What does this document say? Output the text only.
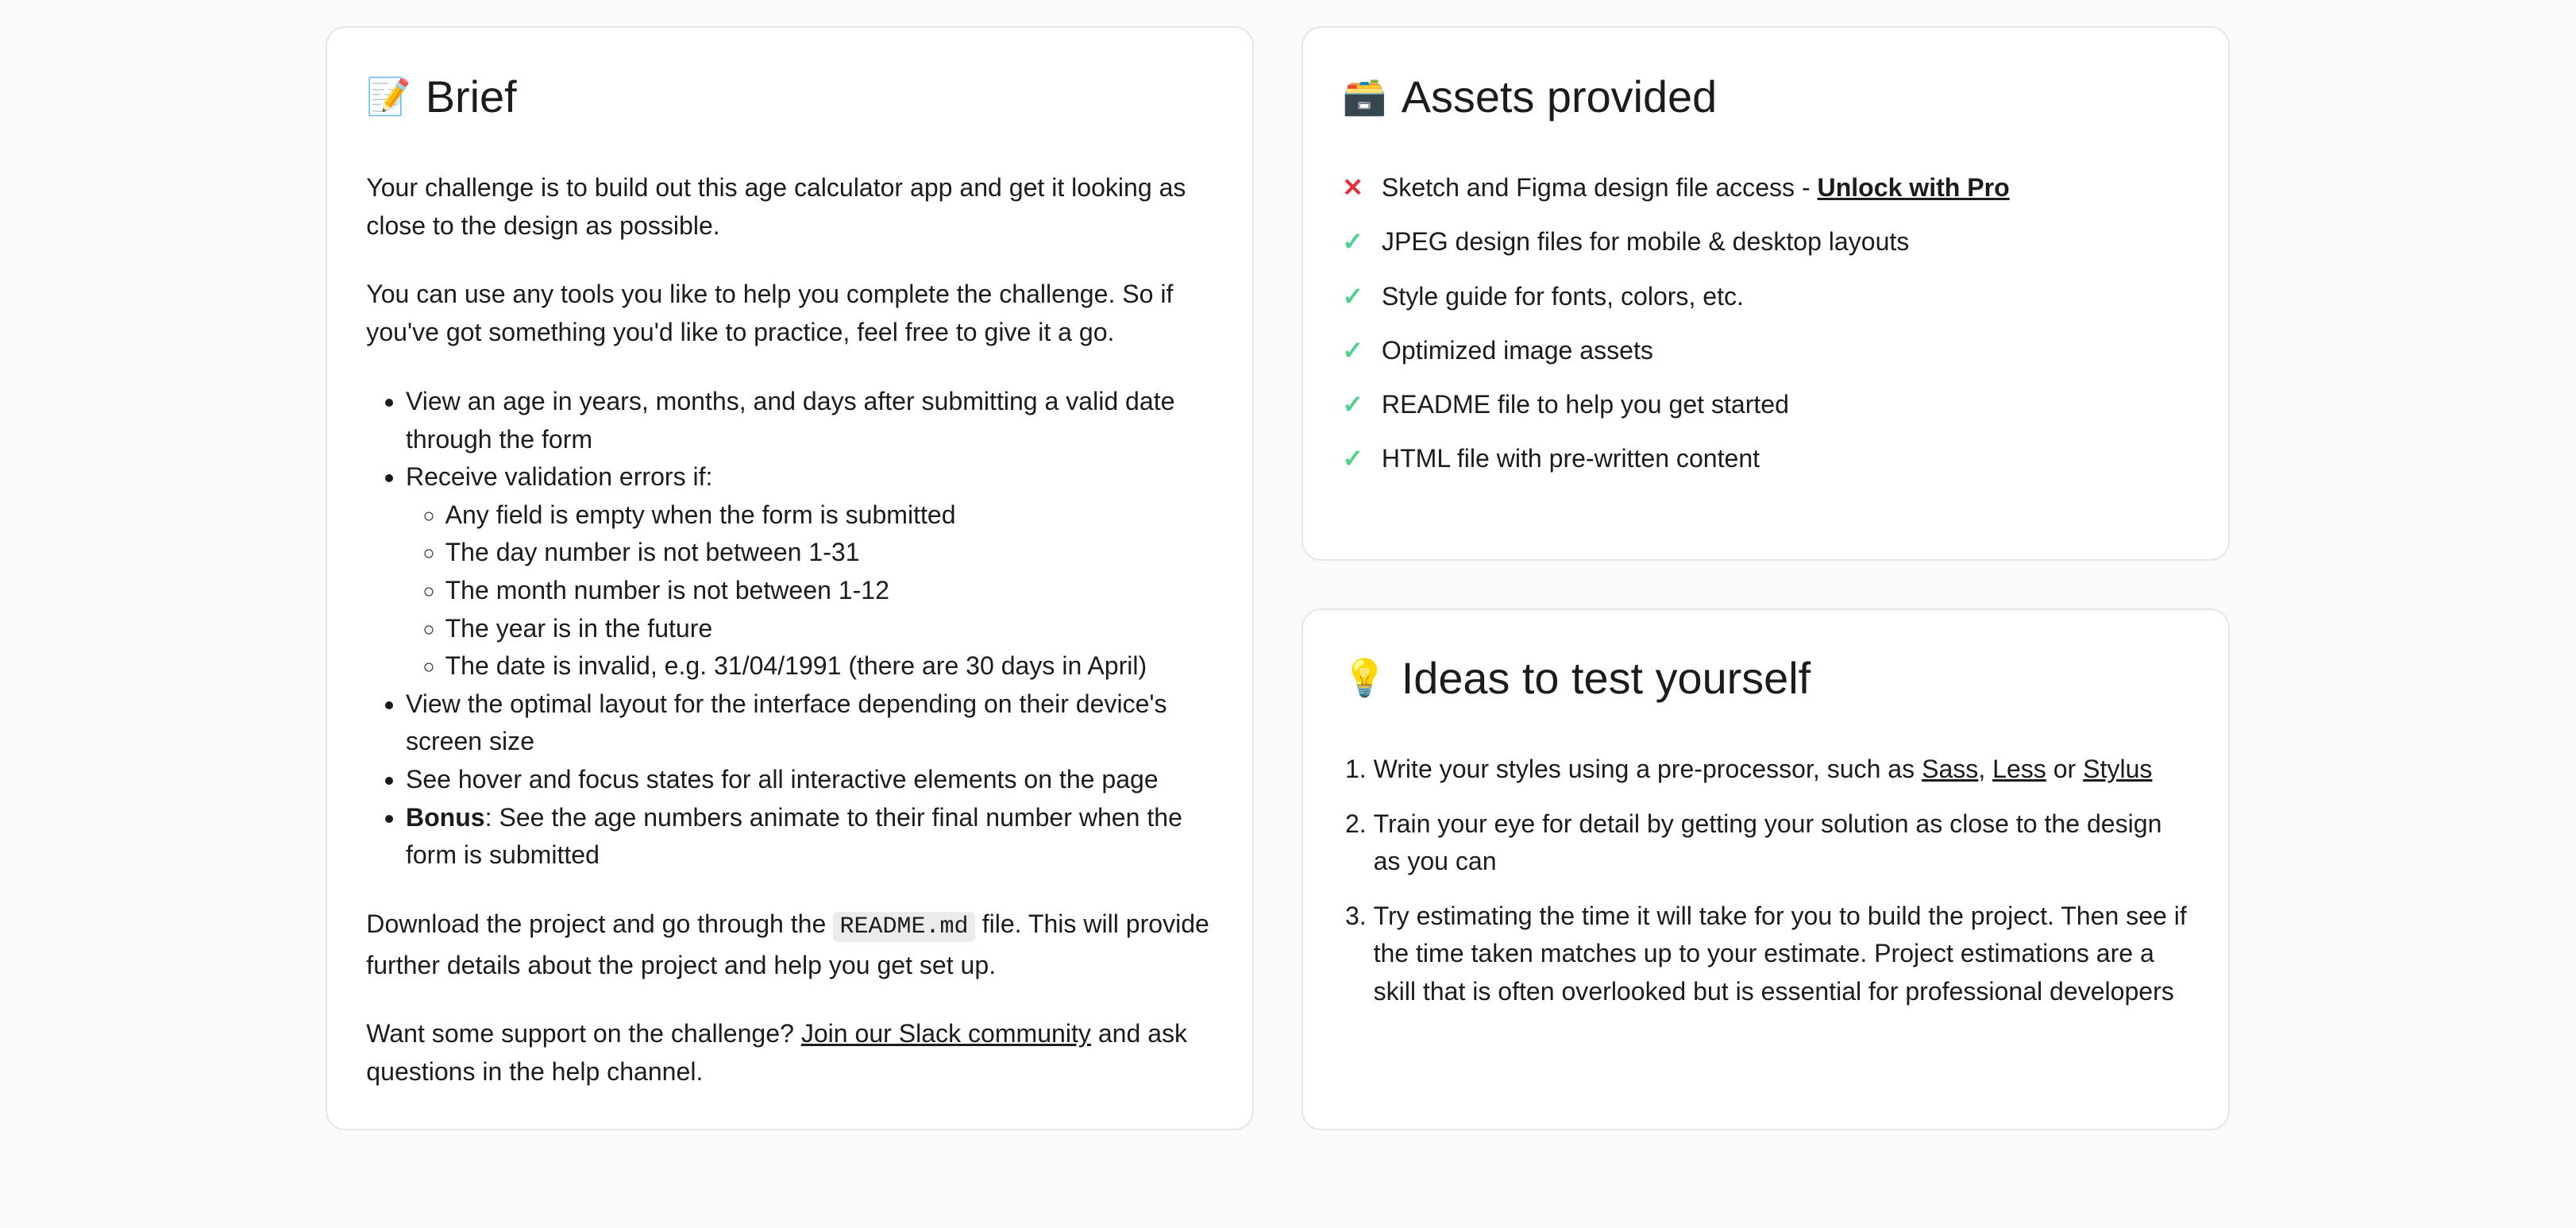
📝 Brief

Your challenge is to build out this age calculator app and get it looking as close to the design as possible.

You can use any tools you like to help you complete the challenge. So if you've got something you'd like to practice, feel free to give it a go.

• View an age in years, months, and days after submitting a valid date through the form
• Receive validation errors if:
◦ Any field is empty when the form is submitted
◦ The day number is not between 1-31
◦ The month number is not between 1-12
◦ The year is in the future
◦ The date is invalid, e.g. 31/04/1991 (there are 30 days in April)
• View the optimal layout for the interface depending on their device's screen size
• See hover and focus states for all interactive elements on the page
• Bonus: See the age numbers animate to their final number when the form is submitted

Download the project and go through the README.md file. This will provide further details about the project and help you get set up.

Want some support on the challenge? Join our Slack community and ask questions in the help channel.

🗃️ Assets provided
✕	Sketch and Figma design file access - Unlock with Pro
✓	JPEG design files for mobile & desktop layouts
✓	Style guide for fonts, colors, etc.
✓	Optimized image assets
✓	README file to help you get started
✓	HTML file with pre-written content
💡 Ideas to test yourself
1. Write your styles using a pre-processor, such as Sass, Less or Stylus
2. Train your eye for detail by getting your solution as close to the design as you can
3. Try estimating the time it will take for you to build the project. Then see if the time taken matches up to your estimate. Project estimations are a skill that is often overlooked but is essential for professional developers
